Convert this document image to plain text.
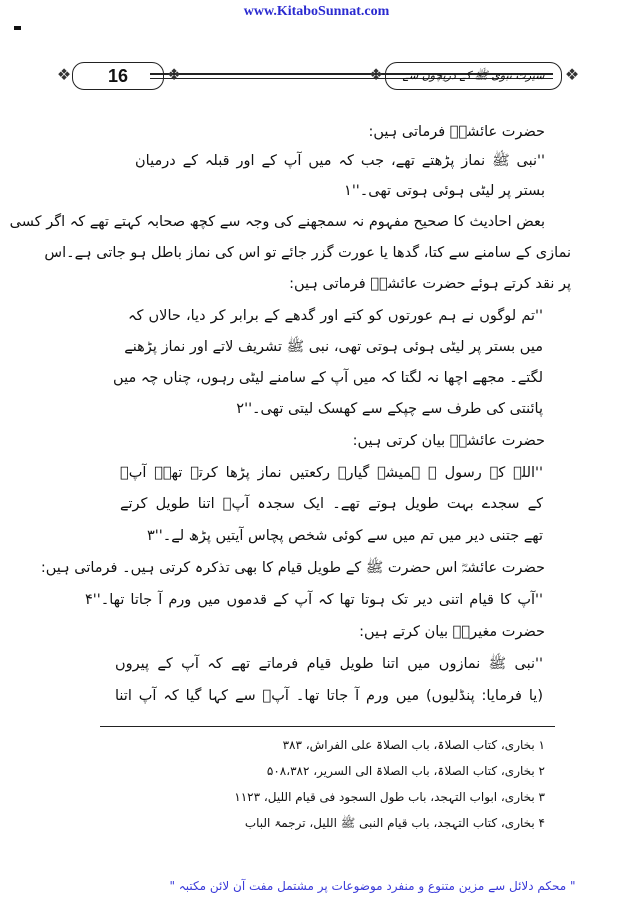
www.KitaboSunnat.com
❖	16	❖	❖	سیرت نبوی ﷺ کے دریچوں سے	❖
حضرت عائشہؓ فرماتی ہیں:
''نبی ﷺ نماز پڑھتے تھے، جب کہ میں آپ کے اور قبلہ کے درمیان
بستر پر لیٹی ہوئی ہوتی تھی۔''۱
بعض احادیث کا صحیح مفہوم نہ سمجھنے کی وجہ سے کچھ صحابہ کہتے تھے کہ اگر کسی
نمازی کے سامنے سے کتا، گدھا یا عورت گزر جائے تو اس کی نماز باطل ہو جاتی ہے۔اس
پر نقد کرتے ہوئے حضرت عائشہؓ فرماتی ہیں:
''تم لوگوں نے ہم عورتوں کو کتے اور گدھے کے برابر کر دیا، حالاں کہ
میں بستر پر لیٹی ہوئی ہوتی تھی، نبی ﷺ تشریف لاتے اور نماز پڑھنے
لگتے۔ مجھے اچھا نہ لگتا کہ میں آپ کے سامنے لیٹی رہوں، چناں چہ میں
پائنتی کی طرف سے چپکے سے کھسک لیتی تھی۔''۲
حضرت عائشہؓ بیان کرتی ہیں:
''اللہ کے رسول ﷺ ہمیشہ گیارہ رکعتیں نماز پڑھا کرتے تھے۔ آپؐ
کے سجدے بہت طویل ہوتے تھے۔ ایک سجدہ آپؐ اتنا طویل کرتے
تھے جتنی دیر میں تم میں سے کوئی شخص پچاس آیتیں پڑھ لے۔''۳
حضرت عائشہؓ اس حضرت ﷺ کے طویل قیام کا بھی تذکرہ کرتی ہیں۔ فرماتی ہیں:
''آپ کا قیام اتنی دیر تک ہوتا تھا کہ آپ کے قدموں میں ورم آ جاتا تھا۔''۴
حضرت مغیرہؓ بیان کرتے ہیں:
''نبی ﷺ نمازوں میں اتنا طویل قیام فرماتے تھے کہ آپ کے پیروں
(یا فرمایا: پنڈلیوں) میں ورم آ جاتا تھا۔ آپؐ سے کہا گیا کہ آپ اتنا
۱ بخاری، کتاب الصلاۃ، باب الصلاۃ علی الفراش، ۳۸۳
۲ بخاری، کتاب الصلاۃ، باب الصلاۃ الی السریر، ۵۰۸،۳۸۲
۳ بخاری، ابواب التہجد، باب طول السجود فی قیام اللیل، ۱۱۲۳
۴ بخاری، کتاب التہجد، باب قیام النبی ﷺ اللیل، ترجمۃ الباب
" محکم دلائل سے مزین متنوع و منفرد موضوعات پر مشتمل مفت آن لائن مکتبہ "
